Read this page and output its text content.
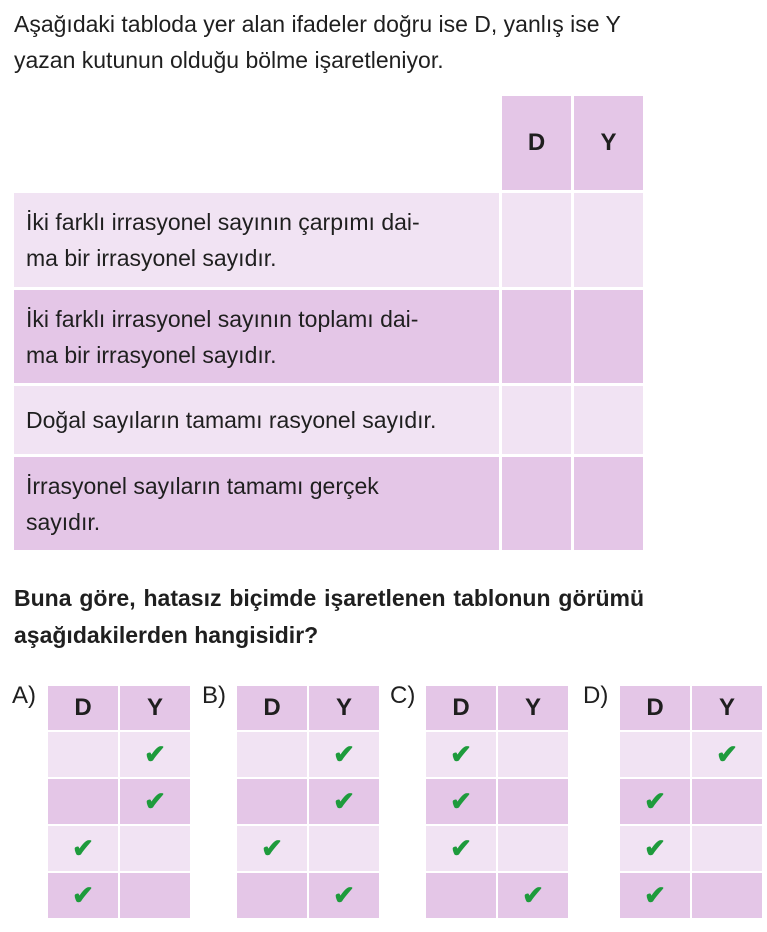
Aşağıdaki tabloda yer alan ifadeler doğru ise D, yanlış ise Y yazan kutunun olduğu bölme işaretleniyor.

	D	Y
İki farklı irrasyonel sayının çarpımı dai-
ma bir irrasyonel sayıdır.		
İki farklı irrasyonel sayının toplamı dai-
ma bir irrasyonel sayıdır.		
Doğal sayıların tamamı rasyonel sayıdır.		
İrrasyonel sayıların tamamı gerçek
sayıdır.		

Buna göre, hatasız biçimde işaretlenen tablonun görümü aşağıdakilerden hangisidir?

A) D	Y
	✔
	✔
✔	
✔	
B) D	Y
	✔
	✔
✔	
	✔
C) D	Y
✔	
✔	
✔	
	✔
D) D	Y
	✔
✔	
✔	
✔	
